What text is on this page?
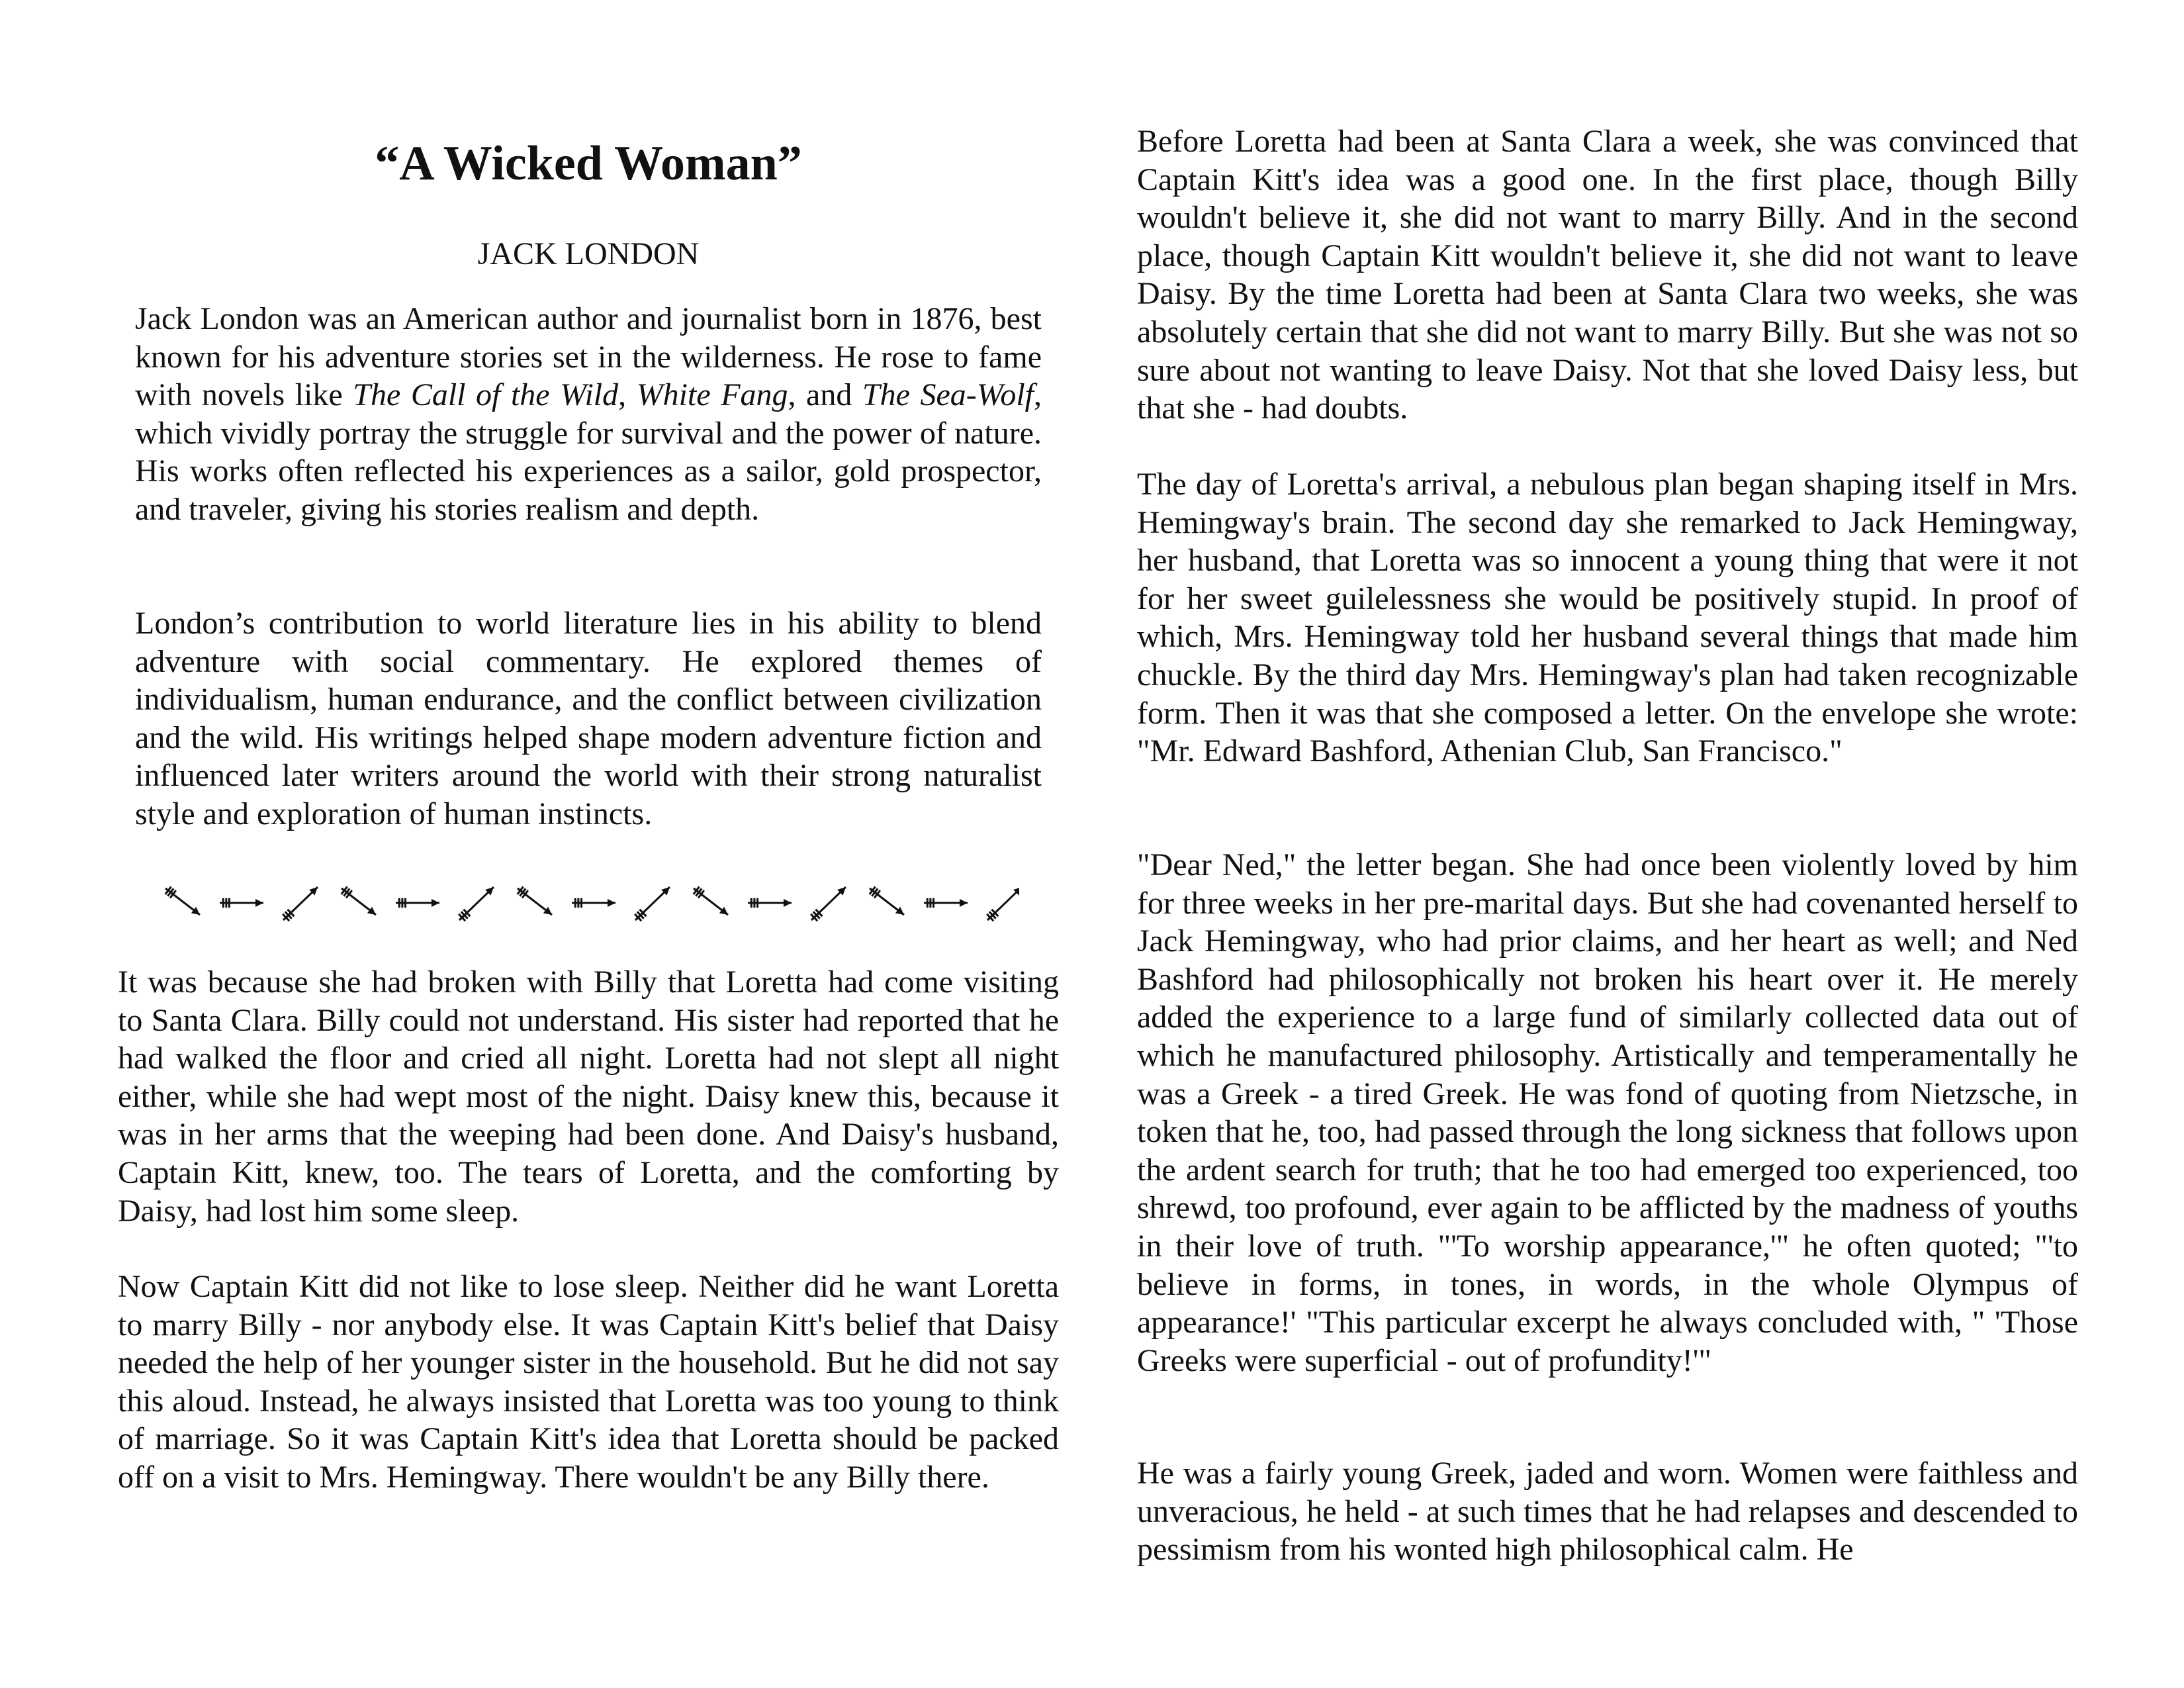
“A Wicked Woman”
JACK LONDON

Jack London was an American author and journalist born in 1876, best known for his adventure stories set in the wilderness. He rose to fame with novels like The Call of the Wild, White Fang, and The Sea-Wolf, which vividly portray the struggle for survival and the power of nature. His works often reflected his experiences as a sailor, gold prospector, and traveler, giving his stories realism and depth.

London’s contribution to world literature lies in his ability to blend adventure with social commentary. He explored themes of individualism, human endurance, and the conflict between civilization and the wild. His writings helped shape modern adventure fiction and influenced later writers around the world with their strong naturalist style and exploration of human instincts.

It was because she had broken with Billy that Loretta had come visiting to Santa Clara. Billy could not understand. His sister had reported that he had walked the floor and cried all night. Loretta had not slept all night either, while she had wept most of the night. Daisy knew this, because it was in her arms that the weeping had been done. And Daisy's husband, Captain Kitt, knew, too. The tears of Loretta, and the comforting by Daisy, had lost him some sleep.

Now Captain Kitt did not like to lose sleep. Neither did he want Loretta to marry Billy - nor anybody else. It was Captain Kitt's belief that Daisy needed the help of her younger sister in the household. But he did not say this aloud. Instead, he always insisted that Loretta was too young to think of marriage. So it was Captain Kitt's idea that Loretta should be packed off on a visit to Mrs. Hemingway. There wouldn't be any Billy there.

Before Loretta had been at Santa Clara a week, she was convinced that Captain Kitt's idea was a good one. In the first place, though Billy wouldn't believe it, she did not want to marry Billy. And in the second place, though Captain Kitt wouldn't believe it, she did not want to leave Daisy. By the time Loretta had been at Santa Clara two weeks, she was absolutely certain that she did not want to marry Billy. But she was not so sure about not wanting to leave Daisy. Not that she loved Daisy less, but that she - had doubts.

The day of Loretta's arrival, a nebulous plan began shaping itself in Mrs. Hemingway's brain. The second day she remarked to Jack Hemingway, her husband, that Loretta was so innocent a young thing that were it not for her sweet guilelessness she would be positively stupid. In proof of which, Mrs. Hemingway told her husband several things that made him chuckle. By the third day Mrs. Hemingway's plan had taken recognizable form. Then it was that she composed a letter. On the envelope she wrote: "Mr. Edward Bashford, Athenian Club, San Francisco."

"Dear Ned," the letter began. She had once been violently loved by him for three weeks in her pre-marital days. But she had covenanted herself to Jack Hemingway, who had prior claims, and her heart as well; and Ned Bashford had philosophically not broken his heart over it. He merely added the experience to a large fund of similarly collected data out of which he manufactured philosophy. Artistically and temperamentally he was a Greek - a tired Greek. He was fond of quoting from Nietzsche, in token that he, too, had passed through the long sickness that follows upon the ardent search for truth; that he too had emerged too experienced, too shrewd, too profound, ever again to be afflicted by the madness of youths in their love of truth. "'To worship appearance,'" he often quoted; "'to believe in forms, in tones, in words, in the whole Olympus of appearance!' "This particular excerpt he always concluded with, " 'Those Greeks were superficial - out of profundity!'"

He was a fairly young Greek, jaded and worn. Women were faithless and unveracious, he held - at such times that he had relapses and descended to pessimism from his wonted high philosophical calm. He
